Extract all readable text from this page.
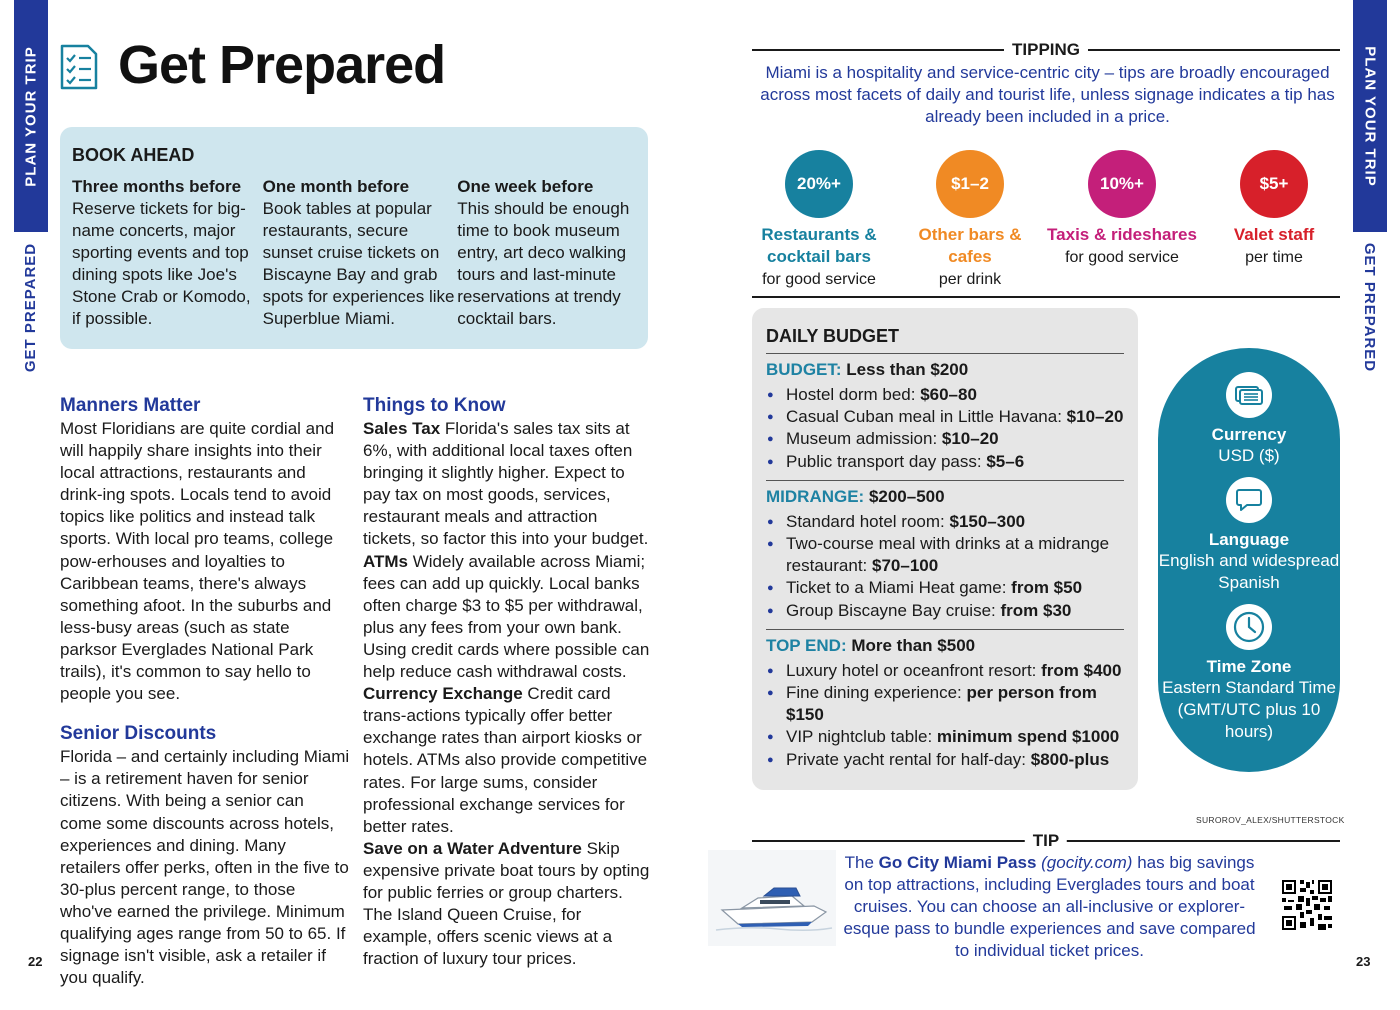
PLAN YOUR TRIP
GET PREPARED
PLAN YOUR TRIP
GET PREPARED
22	23
Get Prepared
BOOK AHEAD
Three months before
Reserve tickets for big-name concerts, major sporting events and top dining spots like Joe's Stone Crab or Komodo, if possible.
One month before
Book tables at popular restaurants, secure sunset cruise tickets on Biscayne Bay and grab spots for experiences like Superblue Miami.
One week before
This should be enough time to book museum entry, art deco walking tours and last-minute reservations at trendy cocktail bars.
Manners Matter

Most Floridians are quite cordial and will happily share insights into their local attractions, restaurants and drink-ing spots. Locals tend to avoid topics like politics and instead talk sports. With local pro teams, college pow-erhouses and loyalties to Caribbean teams, there's always something afoot. In the suburbs and less-busy areas (such as state parksor Everglades National Park trails), it's common to say hello to people you see.

Senior Discounts

Florida – and certainly including Miami – is a retirement haven for senior citizens. With being a senior can come some discounts across hotels, experiences and dining. Many retailers offer perks, often in the five to 30-plus percent range, to those who've earned the privilege. Minimum qualifying ages range from 50 to 65. If signage isn't visible, ask a retailer if you qualify.

Things to Know

Sales Tax Florida's sales tax sits at 6%, with additional local taxes often bringing it slightly higher. Expect to pay tax on most goods, services, restaurant meals and attraction tickets, so factor this into your budget.

ATMs Widely available across Miami; fees can add up quickly. Local banks often charge $3 to $5 per withdrawal, plus any fees from your own bank. Using credit cards where possible can help reduce cash withdrawal costs.

Currency Exchange Credit card trans-actions typically offer better exchange rates than airport kiosks or hotels. ATMs also provide competitive rates. For large sums, consider professional exchange services for better rates.

Save on a Water Adventure Skip expensive private boat tours by opting for public ferries or group charters. The Island Queen Cruise, for example, offers scenic views at a fraction of luxury tour prices.

TIPPING
Miami is a hospitality and service-centric city – tips are broadly encouraged across most facets of daily and tourist life, unless signage indicates a tip has already been included in a price.
20%+
Restaurants & cocktail bars
for good service
$1–2
Other bars & cafes
per drink
10%+
Taxis & rideshares
for good service
$5+
Valet staff
per time
DAILY BUDGET
BUDGET: Less than $200
● Hostel dorm bed: $60–80
● Casual Cuban meal in Little Havana: $10–20
● Museum admission: $10–20
● Public transport day pass: $5–6
MIDRANGE: $200–500
● Standard hotel room: $150–300
● Two-course meal with drinks at a midrange restaurant: $70–100
● Ticket to a Miami Heat game: from $50
● Group Biscayne Bay cruise: from $30
TOP END: More than $500
● Luxury hotel or oceanfront resort: from $400
● Fine dining experience: per person from $150
● VIP nightclub table: minimum spend $1000
● Private yacht rental for half-day: $800-plus
Currency
USD ($)
Language
English and widespread Spanish
Time Zone
Eastern Standard Time (GMT/UTC plus 10 hours)
SUROROV_ALEX/SHUTTERSTOCK
TIP
The Go City Miami Pass (gocity.com) has big savings on top attractions, including Everglades tours and boat cruises. You can choose an all-inclusive or explorer-esque pass to bundle experiences and save compared to individual ticket prices.
